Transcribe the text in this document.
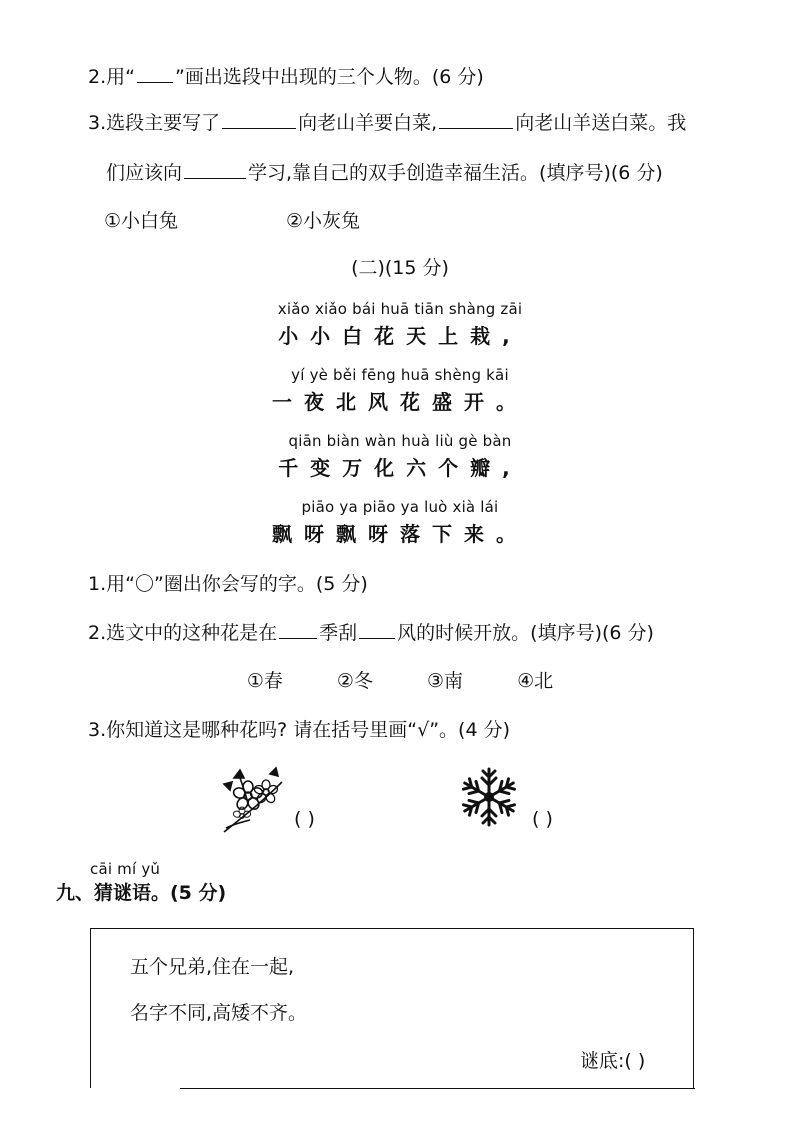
2.用“ ”画出选段中出现的三个人物。(6 分)
3.选段主要写了	向老山羊要白菜,	向老山羊送白菜。我
们应该向	学习,靠自己的双手创造幸福生活。(填序号)(6 分)
①小白兔	②小灰兔
(二)(15 分)
xiǎo xiǎo bái huā tiān shàng zāi
小小白花天上栽,
yí yè běi fēng huā shèng kāi
一夜北风花盛开。
qiān biàn wàn huà liù gè bàn
千变万化六个瓣,
piāo ya piāo ya luò xià lái
飘呀飘呀落下来。
1.用“〇”圈出你会写的字。(5 分)
2.选文中的这种花是在 季刮 风的时候开放。(填序号)(6 分)
①春	②冬	③南	④北
3.你知道这是哪种花吗? 请在括号里画“√”。(4 分)
( )	( )
cāi mí yǔ
九、猜谜语。(5 分)
五个兄弟,住在一起,
名字不同,高矮不齐。
谜底:( )
